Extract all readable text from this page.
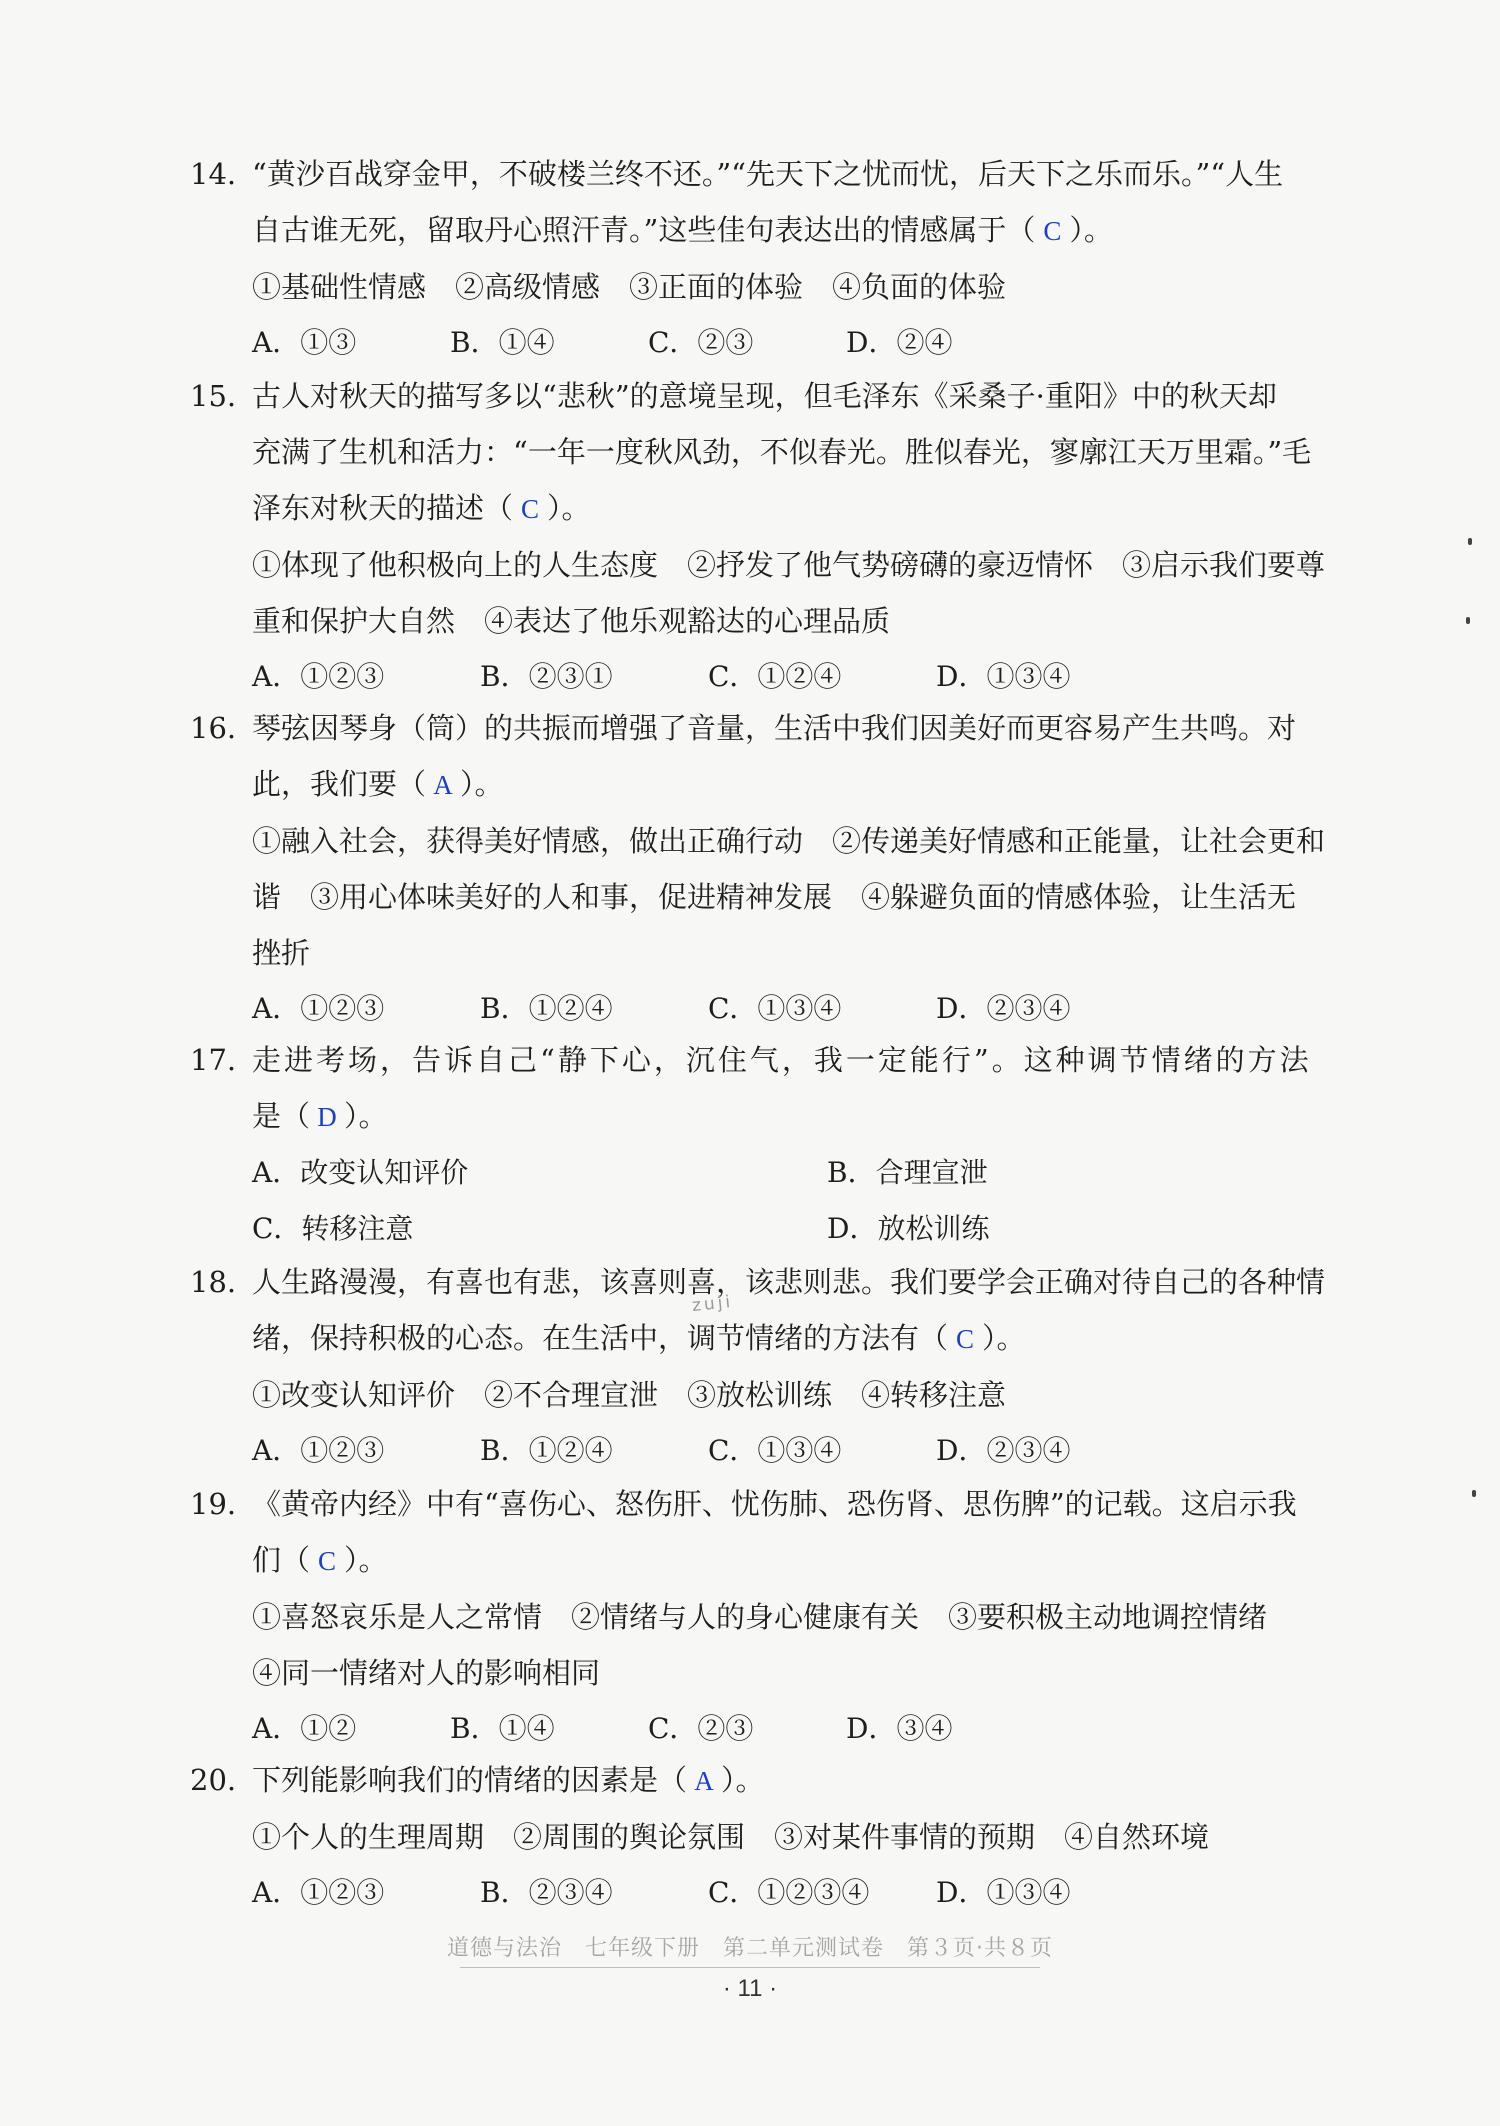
14. “黄沙百战穿金甲，不破楼兰终不还。”“先天下之忧而忧，后天下之乐而乐。”“人生
自古谁无死，留取丹心照汗青。”这些佳句表达出的情感属于（ C ）。
①基础性情感　②高级情感　③正面的体验　④负面的体验
A．①③	B．①④	C．②③	D．②④
15. 古人对秋天的描写多以“悲秋”的意境呈现，但毛泽东《采桑子·重阳》中的秋天却
充满了生机和活力：“一年一度秋风劲，不似春光。胜似春光，寥廓江天万里霜。”毛
泽东对秋天的描述（ C ）。
①体现了他积极向上的人生态度　②抒发了他气势磅礴的豪迈情怀　③启示我们要尊
重和保护大自然　④表达了他乐观豁达的心理品质
A．①②③	B．②③①	C．①②④	D．①③④
16. 琴弦因琴身（筒）的共振而增强了音量，生活中我们因美好而更容易产生共鸣。对
此，我们要（ A ）。
①融入社会，获得美好情感，做出正确行动　②传递美好情感和正能量，让社会更和
谐　③用心体味美好的人和事，促进精神发展　④躲避负面的情感体验，让生活无
挫折
A．①②③	B．①②④	C．①③④	D．②③④
17. 走进考场，告诉自己“静下心，沉住气，我一定能行”。这种调节情绪的方法
是（ D ）。
A．改变认知评价	B．合理宣泄
C．转移注意	D．放松训练
18. 人生路漫漫，有喜也有悲，该喜则喜，该悲则悲。我们要学会正确对待自己的各种情
绪，保持积极的心态。在生活中，调节情绪的方法有（ C ）。
①改变认知评价　②不合理宣泄　③放松训练　④转移注意
A．①②③	B．①②④	C．①③④	D．②③④
19. 《黄帝内经》中有“喜伤心、怒伤肝、忧伤肺、恐伤肾、思伤脾”的记载。这启示我
们（ C ）。
①喜怒哀乐是人之常情　②情绪与人的身心健康有关　③要积极主动地调控情绪
④同一情绪对人的影响相同
A．①②	B．①④	C．②③	D．③④
20. 下列能影响我们的情绪的因素是（ A ）。
①个人的生理周期　②周围的舆论氛围　③对某件事情的预期　④自然环境
A．①②③	B．②③④	C．①②③④ D．①③④
zuji
道德与法治　七年级下册　第二单元测试卷　第３页·共８页
· 11 ·
